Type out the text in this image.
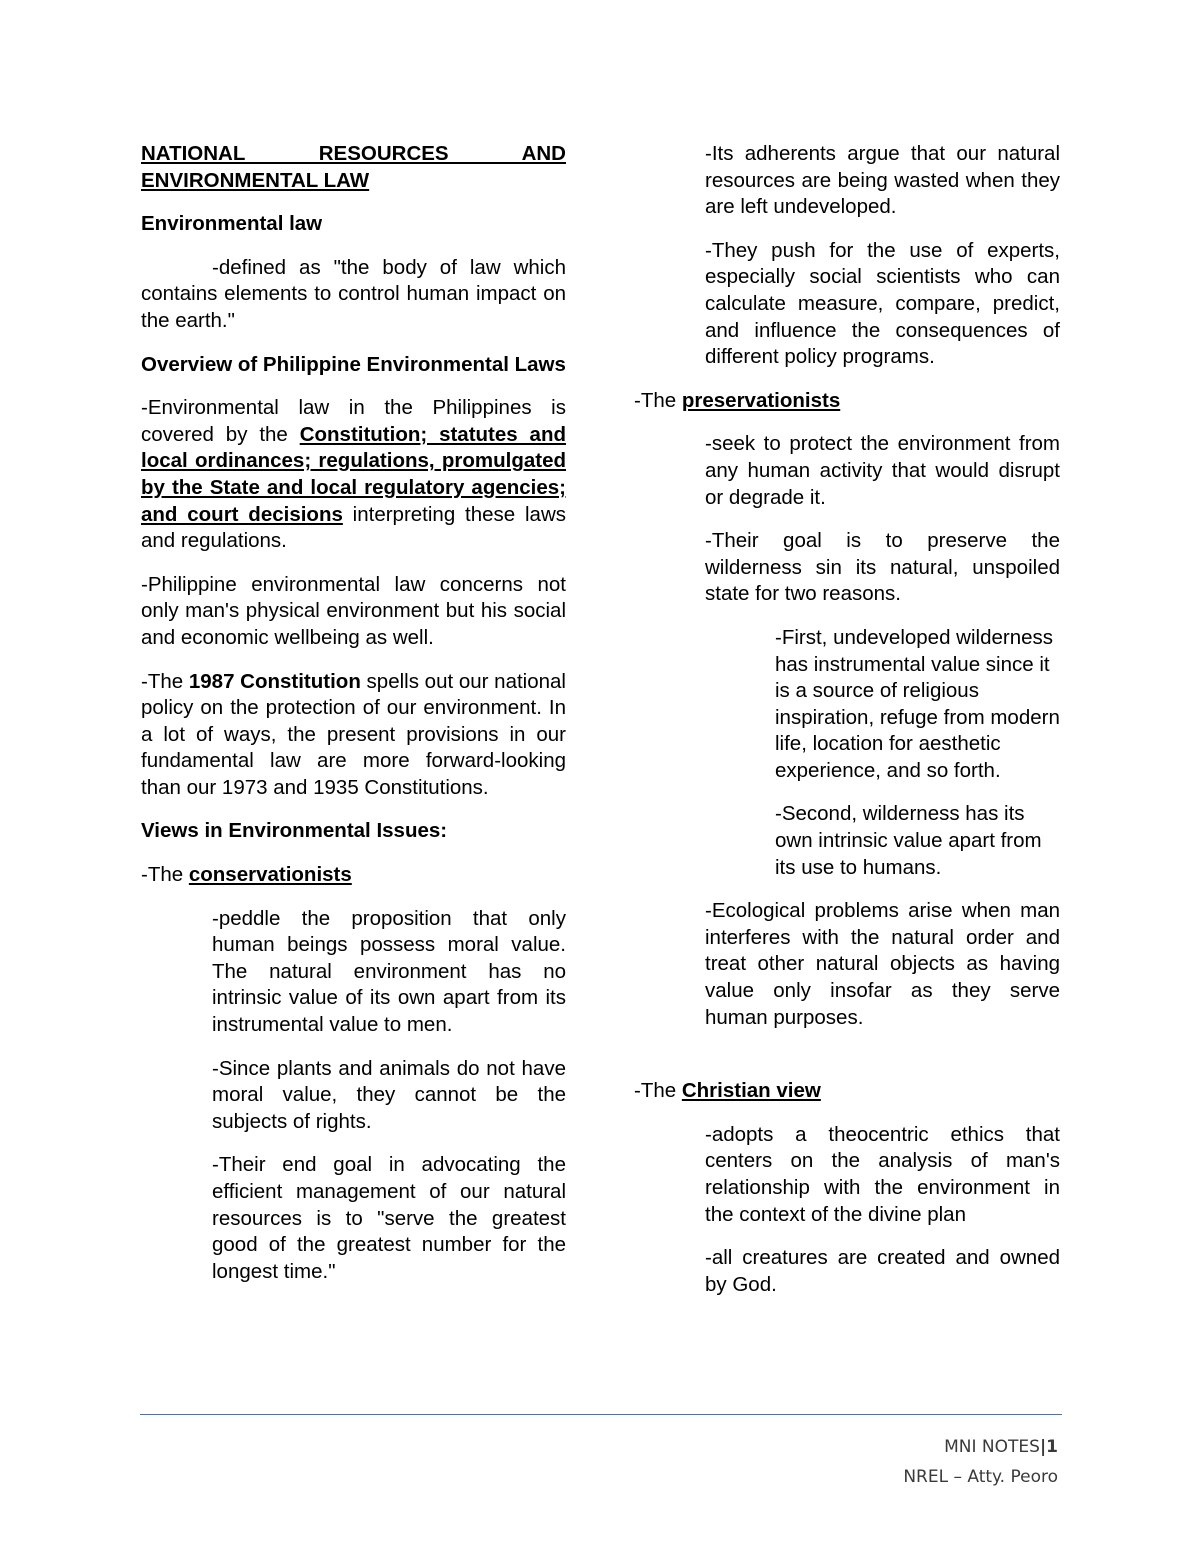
NATIONAL RESOURCES AND

ENVIRONMENTAL LAW

Environmental law

-defined as "the body of law which contains elements to control human impact on the earth."

Overview of Philippine Environmental Laws

-Environmental law in the Philippines is covered by the Constitution; statutes and local ordinances; regulations, promulgated by the State and local regulatory agencies; and court decisions interpreting these laws and regulations.

-Philippine environmental law concerns not only man's physical environment but his social and economic wellbeing as well.

-The 1987 Constitution spells out our national policy on the protection of our environment. In a lot of ways, the present provisions in our fundamental law are more forward-looking than our 1973 and 1935 Constitutions.

Views in Environmental Issues:

-The conservationists

-peddle the proposition that only human beings possess moral value. The natural environment has no intrinsic value of its own apart from its instrumental value to men.

-Since plants and animals do not have moral value, they cannot be the subjects of rights.

-Their end goal in advocating the efficient management of our natural resources is to "serve the greatest good of the greatest number for the longest time."

-Its adherents argue that our natural resources are being wasted when they are left undeveloped.

-They push for the use of experts, especially social scientists who can calculate measure, compare, predict, and influence the consequences of different policy programs.

-The preservationists

-seek to protect the environment from any human activity that would disrupt or degrade it.

-Their goal is to preserve the wilderness sin its natural, unspoiled state for two reasons.

-First, undeveloped wilderness has instrumental value since it is a source of religious inspiration, refuge from modern life, location for aesthetic experience, and so forth.

-Second, wilderness has its own intrinsic value apart from its use to humans.

-Ecological problems arise when man interferes with the natural order and treat other natural objects as having value only insofar as they serve human purposes.

-The Christian view

-adopts a theocentric ethics that centers on the analysis of man's relationship with the environment in the context of the divine plan

-all creatures are created and owned by God.

MNI NOTES|1
NREL – Atty. Peoro
